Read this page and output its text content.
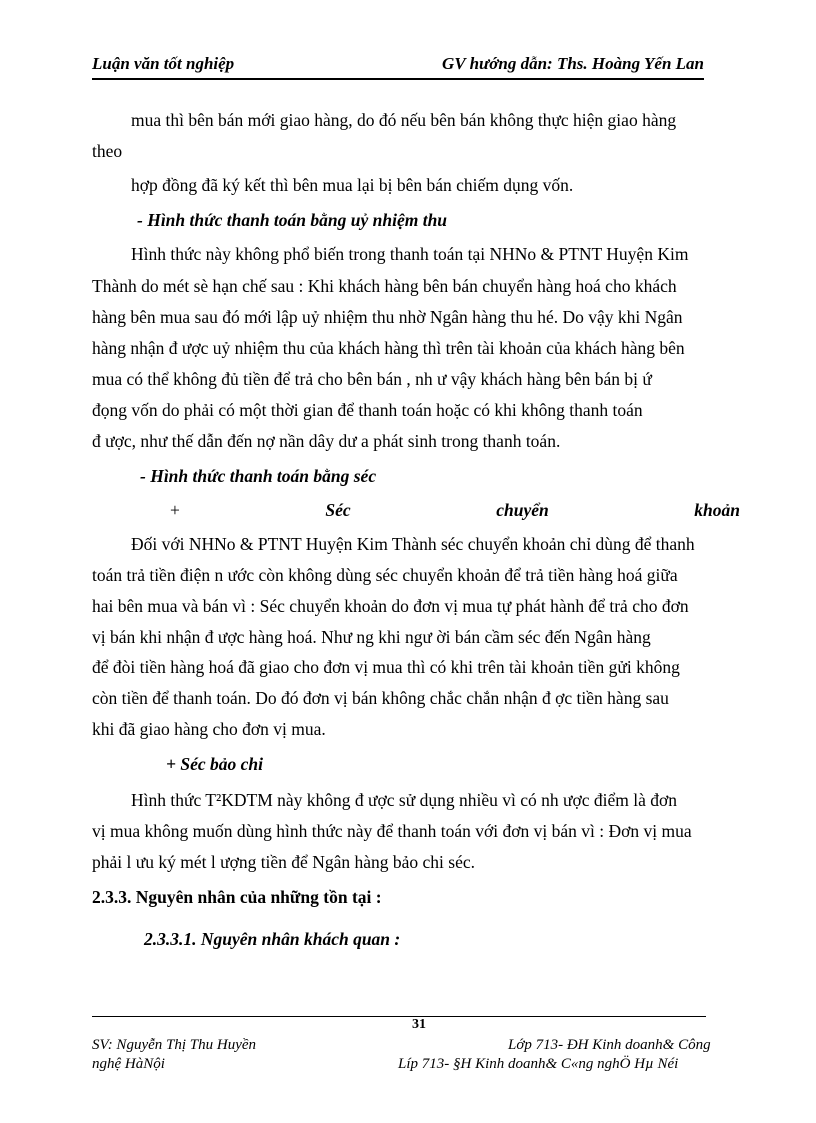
Luận văn tốt nghiệp	GV hướng dẫn: Ths. Hoàng Yến Lan
mua thì bên bán mới giao hàng, do đó nếu bên bán không thực hiện giao hàng
theo
hợp đồng đã ký kết thì bên mua lại bị bên bán chiếm dụng vốn.
- Hình thức thanh toán bằng uỷ nhiệm thu
Hình thức này không phổ biến trong thanh toán tại NHNo & PTNT Huyện Kim
Thành do mét sè hạn chế sau : Khi khách hàng bên bán chuyển hàng hoá cho khách
hàng bên mua sau đó mới lập uỷ nhiệm thu nhờ Ngân hàng thu hé. Do vậy khi Ngân
hàng nhận đ ược uỷ nhiệm thu của khách hàng thì trên tài khoản của khách hàng bên
mua có thể không đủ tiền để trả cho bên bán , nh ư vậy khách hàng bên bán bị ứ
đọng vốn do phải có một thời gian để thanh toán hoặc có khi không thanh toán
đ ược, như thế dẫn đến nợ nần dây dư a phát sinh trong thanh toán.
- Hình thức thanh toán bằng séc
+	Séc	chuyển	khoản
Đối với NHNo & PTNT Huyện Kim Thành séc chuyển khoản chỉ dùng để thanh
toán trả tiền điện n ước còn không dùng séc chuyển khoản để trả tiền hàng hoá giữa
hai bên mua và bán vì : Séc chuyển khoản do đơn vị mua tự phát hành để trả cho đơn
vị bán khi nhận đ ược hàng hoá. Như ng khi ngư ời bán cầm séc đến Ngân hàng
để đòi tiền hàng hoá đã giao cho đơn vị mua thì có khi trên tài khoản tiền gửi không
còn tiền để thanh toán. Do đó đơn vị bán không chắc chắn nhận đ ợc tiền hàng sau
khi đã giao hàng cho đơn vị mua.
+ Séc bảo chi
Hình thức T²KDTM này không đ ược sử dụng nhiều vì có nh ược điểm là đơn
vị mua không muốn dùng hình thức này để thanh toán với đơn vị bán vì : Đơn vị mua
phải l ưu ký mét l ượng tiền để Ngân hàng bảo chi séc.
2.3.3. Nguyên nhân của những tồn tại :
2.3.3.1. Nguyên nhân khách quan :
31
SV: Nguyễn Thị Thu Huyền	Lớp 713- ĐH Kinh doanh& Công
nghệ HàNội	Líp 713- §H Kinh doanh& C«ng nghÖ Hµ Néi
